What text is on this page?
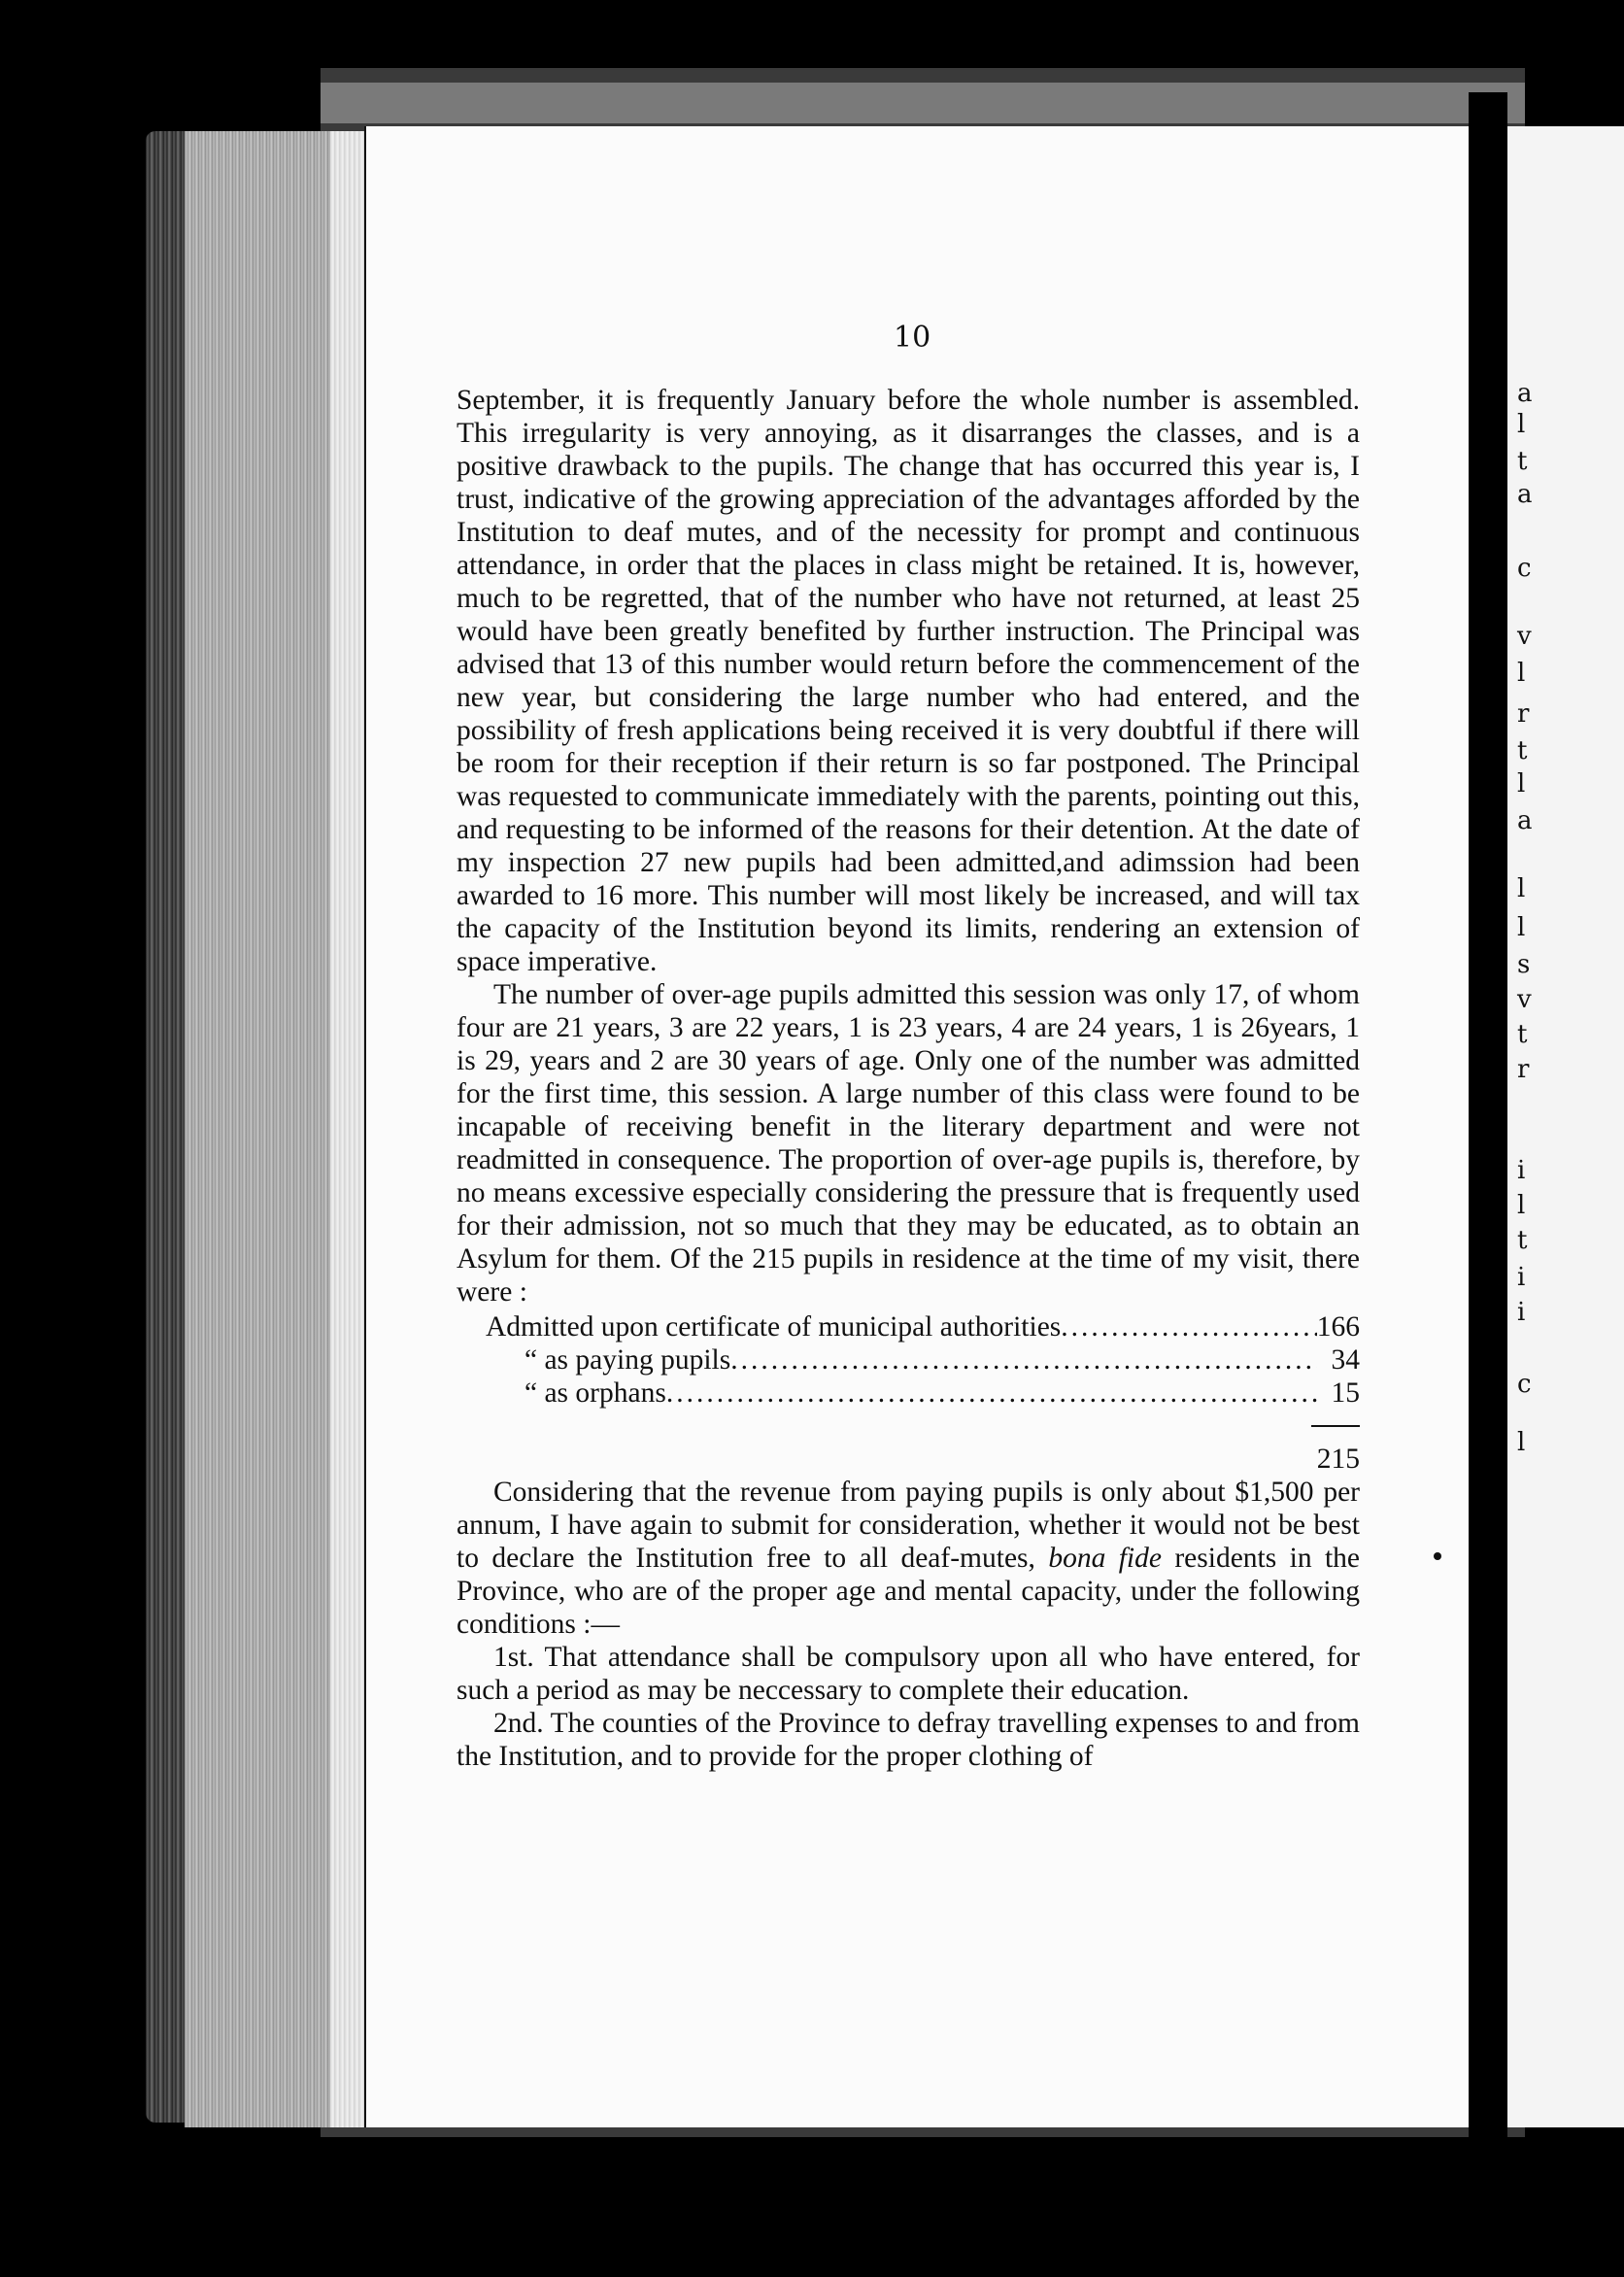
a
l
t
a
c
v
l
r
t
l
a
l
l
s
v
t
r
i
l
t
i
i
c
l
10

September, it is frequently January before the whole number is assembled. This irregularity is very annoying, as it disarranges the classes, and is a positive drawback to the pupils. The change that has occurred this year is, I trust, indicative of the growing appreciation of the advantages afforded by the Institution to deaf mutes, and of the necessity for prompt and continuous attendance, in order that the places in class might be retained. It is, however, much to be regretted, that of the number who have not returned, at least 25 would have been greatly benefited by further instruction. The Principal was advised that 13 of this number would return before the commencement of the new year, but considering the large number who had entered, and the possibility of fresh applications being received it is very doubtful if there will be room for their reception if their return is so far postponed. The Principal was requested to communicate immediately with the parents, pointing out this, and requesting to be informed of the reasons for their detention. At the date of my inspection 27 new pupils had been admitted,and adimssion had been awarded to 16 more. This number will most likely be increased, and will tax the capacity of the Institution beyond its limits, rendering an extension of space imperative.

The number of over-age pupils admitted this session was only 17, of whom four are 21 years, 3 are 22 years, 1 is 23 years, 4 are 24 years, 1 is 26years, 1 is 29, years and 2 are 30 years of age. Only one of the number was admitted for the first time, this session. A large number of this class were found to be incapable of receiving benefit in the literary department and were not readmitted in consequence. The proportion of over-age pupils is, therefore, by no means excessive especially considering the pressure that is frequently used for their admission, not so much that they may be educated, as to obtain an Asylum for them. Of the 215 pupils in residence at the time of my visit, there were :

Admitted upon certificate of municipal authorities .....	166
“ as paying pupils .....	34
“ as orphans .....	15
215

Considering that the revenue from paying pupils is only about $1,500 per annum, I have again to submit for consideration, whether it would not be best to declare the Institution free to all deaf-mutes, bona fide residents in the Province, who are of the proper age and mental capacity, under the following conditions :—

1st. That attendance shall be compulsory upon all who have entered, for such a period as may be neccessary to complete their education.

2nd. The counties of the Province to defray travelling expenses to and from the Institution, and to provide for the proper clothing of
